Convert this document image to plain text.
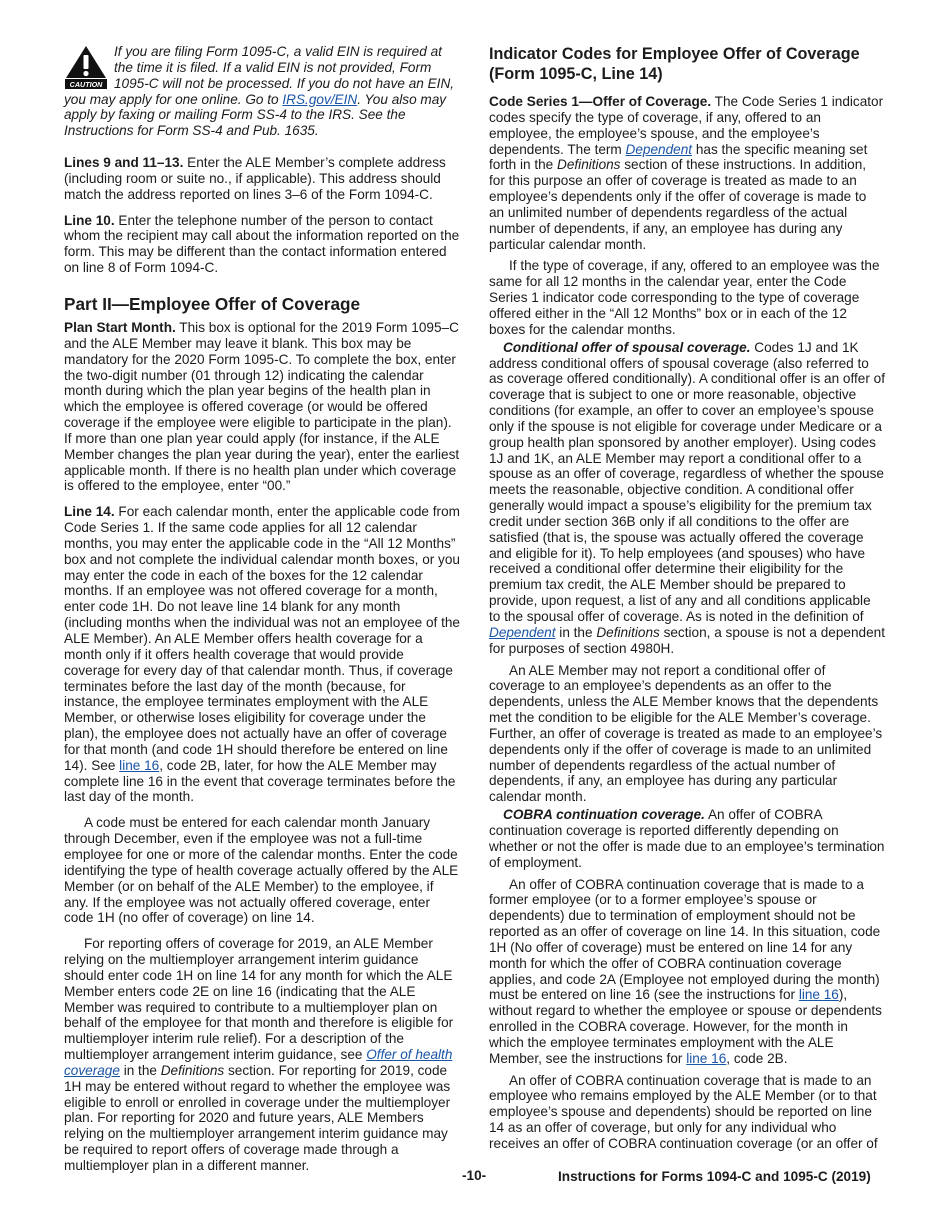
CAUTION
If you are filing Form 1095-C, a valid EIN is required at the time it is filed. If a valid EIN is not provided, Form 1095-C will not be processed. If you do not have an EIN, you may apply for one online. Go to IRS.gov/EIN. You also may apply by faxing or mailing Form SS-4 to the IRS. See the Instructions for Form SS-4 and Pub. 1635.

Lines 9 and 11–13. Enter the ALE Member’s complete address (including room or suite no., if applicable). This address should match the address reported on lines 3–6 of the Form 1094-C.

Line 10. Enter the telephone number of the person to contact whom the recipient may call about the information reported on the form. This may be different than the contact information entered on line 8 of Form 1094-C.

Part II—Employee Offer of Coverage

Plan Start Month. This box is optional for the 2019 Form 1095–C and the ALE Member may leave it blank. This box may be mandatory for the 2020 Form 1095-C. To complete the box, enter the two-digit number (01 through 12) indicating the calendar month during which the plan year begins of the health plan in which the employee is offered coverage (or would be offered coverage if the employee were eligible to participate in the plan). If more than one plan year could apply (for instance, if the ALE Member changes the plan year during the year), enter the earliest applicable month. If there is no health plan under which coverage is offered to the employee, enter “00.”

Line 14. For each calendar month, enter the applicable code from Code Series 1. If the same code applies for all 12 calendar months, you may enter the applicable code in the “All 12 Months” box and not complete the individual calendar month boxes, or you may enter the code in each of the boxes for the 12 calendar months. If an employee was not offered coverage for a month, enter code 1H. Do not leave line 14 blank for any month (including months when the individual was not an employee of the ALE Member). An ALE Member offers health coverage for a month only if it offers health coverage that would provide coverage for every day of that calendar month. Thus, if coverage terminates before the last day of the month (because, for instance, the employee terminates employment with the ALE Member, or otherwise loses eligibility for coverage under the plan), the employee does not actually have an offer of coverage for that month (and code 1H should therefore be entered on line 14). See line 16, code 2B, later, for how the ALE Member may complete line 16 in the event that coverage terminates before the last day of the month.

A code must be entered for each calendar month January through December, even if the employee was not a full-time employee for one or more of the calendar months. Enter the code identifying the type of health coverage actually offered by the ALE Member (or on behalf of the ALE Member) to the employee, if any. If the employee was not actually offered coverage, enter code 1H (no offer of coverage) on line 14.

For reporting offers of coverage for 2019, an ALE Member relying on the multiemployer arrangement interim guidance should enter code 1H on line 14 for any month for which the ALE Member enters code 2E on line 16 (indicating that the ALE Member was required to contribute to a multiemployer plan on behalf of the employee for that month and therefore is eligible for multiemployer interim rule relief). For a description of the multiemployer arrangement interim guidance, see Offer of health coverage in the Definitions section. For reporting for 2019, code 1H may be entered without regard to whether the employee was eligible to enroll or enrolled in coverage under the multiemployer plan. For reporting for 2020 and future years, ALE Members relying on the multiemployer arrangement interim guidance may be required to report offers of coverage made through a multiemployer plan in a different manner.

Indicator Codes for Employee Offer of Coverage (Form 1095-C, Line 14)

Code Series 1—Offer of Coverage. The Code Series 1 indicator codes specify the type of coverage, if any, offered to an employee, the employee’s spouse, and the employee’s dependents. The term Dependent has the specific meaning set forth in the Definitions section of these instructions. In addition, for this purpose an offer of coverage is treated as made to an employee’s dependents only if the offer of coverage is made to an unlimited number of dependents regardless of the actual number of dependents, if any, an employee has during any particular calendar month.

If the type of coverage, if any, offered to an employee was the same for all 12 months in the calendar year, enter the Code Series 1 indicator code corresponding to the type of coverage offered either in the “All 12 Months” box or in each of the 12 boxes for the calendar months.

Conditional offer of spousal coverage. Codes 1J and 1K address conditional offers of spousal coverage (also referred to as coverage offered conditionally). A conditional offer is an offer of coverage that is subject to one or more reasonable, objective conditions (for example, an offer to cover an employee’s spouse only if the spouse is not eligible for coverage under Medicare or a group health plan sponsored by another employer). Using codes 1J and 1K, an ALE Member may report a conditional offer to a spouse as an offer of coverage, regardless of whether the spouse meets the reasonable, objective condition. A conditional offer generally would impact a spouse’s eligibility for the premium tax credit under section 36B only if all conditions to the offer are satisfied (that is, the spouse was actually offered the coverage and eligible for it). To help employees (and spouses) who have received a conditional offer determine their eligibility for the premium tax credit, the ALE Member should be prepared to provide, upon request, a list of any and all conditions applicable to the spousal offer of coverage. As is noted in the definition of Dependent in the Definitions section, a spouse is not a dependent for purposes of section 4980H.

An ALE Member may not report a conditional offer of coverage to an employee’s dependents as an offer to the dependents, unless the ALE Member knows that the dependents met the condition to be eligible for the ALE Member’s coverage. Further, an offer of coverage is treated as made to an employee’s dependents only if the offer of coverage is made to an unlimited number of dependents regardless of the actual number of dependents, if any, an employee has during any particular calendar month.

COBRA continuation coverage. An offer of COBRA continuation coverage is reported differently depending on whether or not the offer is made due to an employee’s termination of employment.

An offer of COBRA continuation coverage that is made to a former employee (or to a former employee’s spouse or dependents) due to termination of employment should not be reported as an offer of coverage on line 14. In this situation, code 1H (No offer of coverage) must be entered on line 14 for any month for which the offer of COBRA continuation coverage applies, and code 2A (Employee not employed during the month) must be entered on line 16 (see the instructions for line 16), without regard to whether the employee or spouse or dependents enrolled in the COBRA coverage. However, for the month in which the employee terminates employment with the ALE Member, see the instructions for line 16, code 2B.

An offer of COBRA continuation coverage that is made to an employee who remains employed by the ALE Member (or to that employee’s spouse and dependents) should be reported on line 14 as an offer of coverage, but only for any individual who receives an offer of COBRA continuation coverage (or an offer of

-10-	Instructions for Forms 1094-C and 1095-C (2019)
